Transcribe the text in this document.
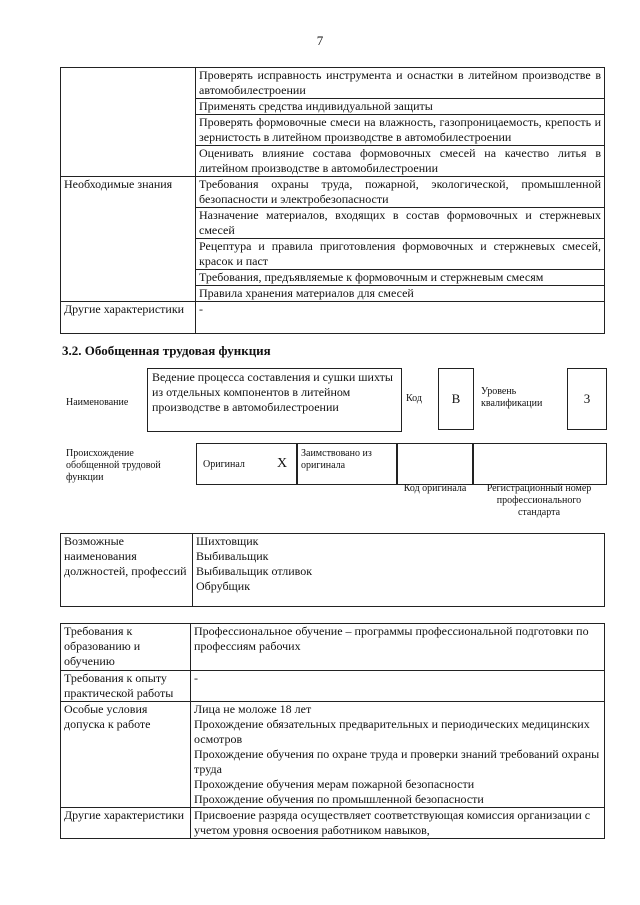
7
	Проверять исправность инструмента и оснастки в литейном производстве в автомобилестроении
	Применять средства индивидуальной защиты
	Проверять формовочные смеси на влажность, газопроницаемость, крепость и зернистость в литейном производстве в автомобилестроении
	Оценивать влияние состава формовочных смесей на качество литья в литейном производстве в автомобилестроении
Необходимые знания	Требования охраны труда, пожарной, экологической, промышленной безопасности и электробезопасности
	Назначение материалов, входящих в состав формовочных и стержневых смесей
	Рецептура и правила приготовления формовочных и стержневых смесей, красок и паст
	Требования, предъявляемые к формовочным и стержневым смесям
	Правила хранения материалов для смесей
Другие характеристики	-
3.2. Обобщенная трудовая функция
Наименование
Ведение процесса составления и сушки шихты из отдельных компонентов в литейном производстве в автомобилестроении
Код	B	Уровень квалификации	3
Происхождение обобщенной трудовой функции
Оригинал X
Заимствовано из оригинала
Код оригинала	Регистрационный номер профессионального стандарта
Возможные наименования должностей, профессий	
Шихтовщик
Выбивальщик
Выбивальщик отливок
Обрубщик
Требования к образованию и обучению	Профессиональное обучение – программы профессиональной подготовки по профессиям рабочих
Требования к опыту практической работы	-
Особые условия допуска к работе	Лица не моложе 18 лет
Прохождение обязательных предварительных и периодических медицинских осмотров
Прохождение обучения по охране труда и проверки знаний требований охраны труда
Прохождение обучения мерам пожарной безопасности
Прохождение обучения по промышленной безопасности

Другие характеристики	Присвоение разряда осуществляет соответствующая комиссия организации с учетом уровня освоения работником навыков,
